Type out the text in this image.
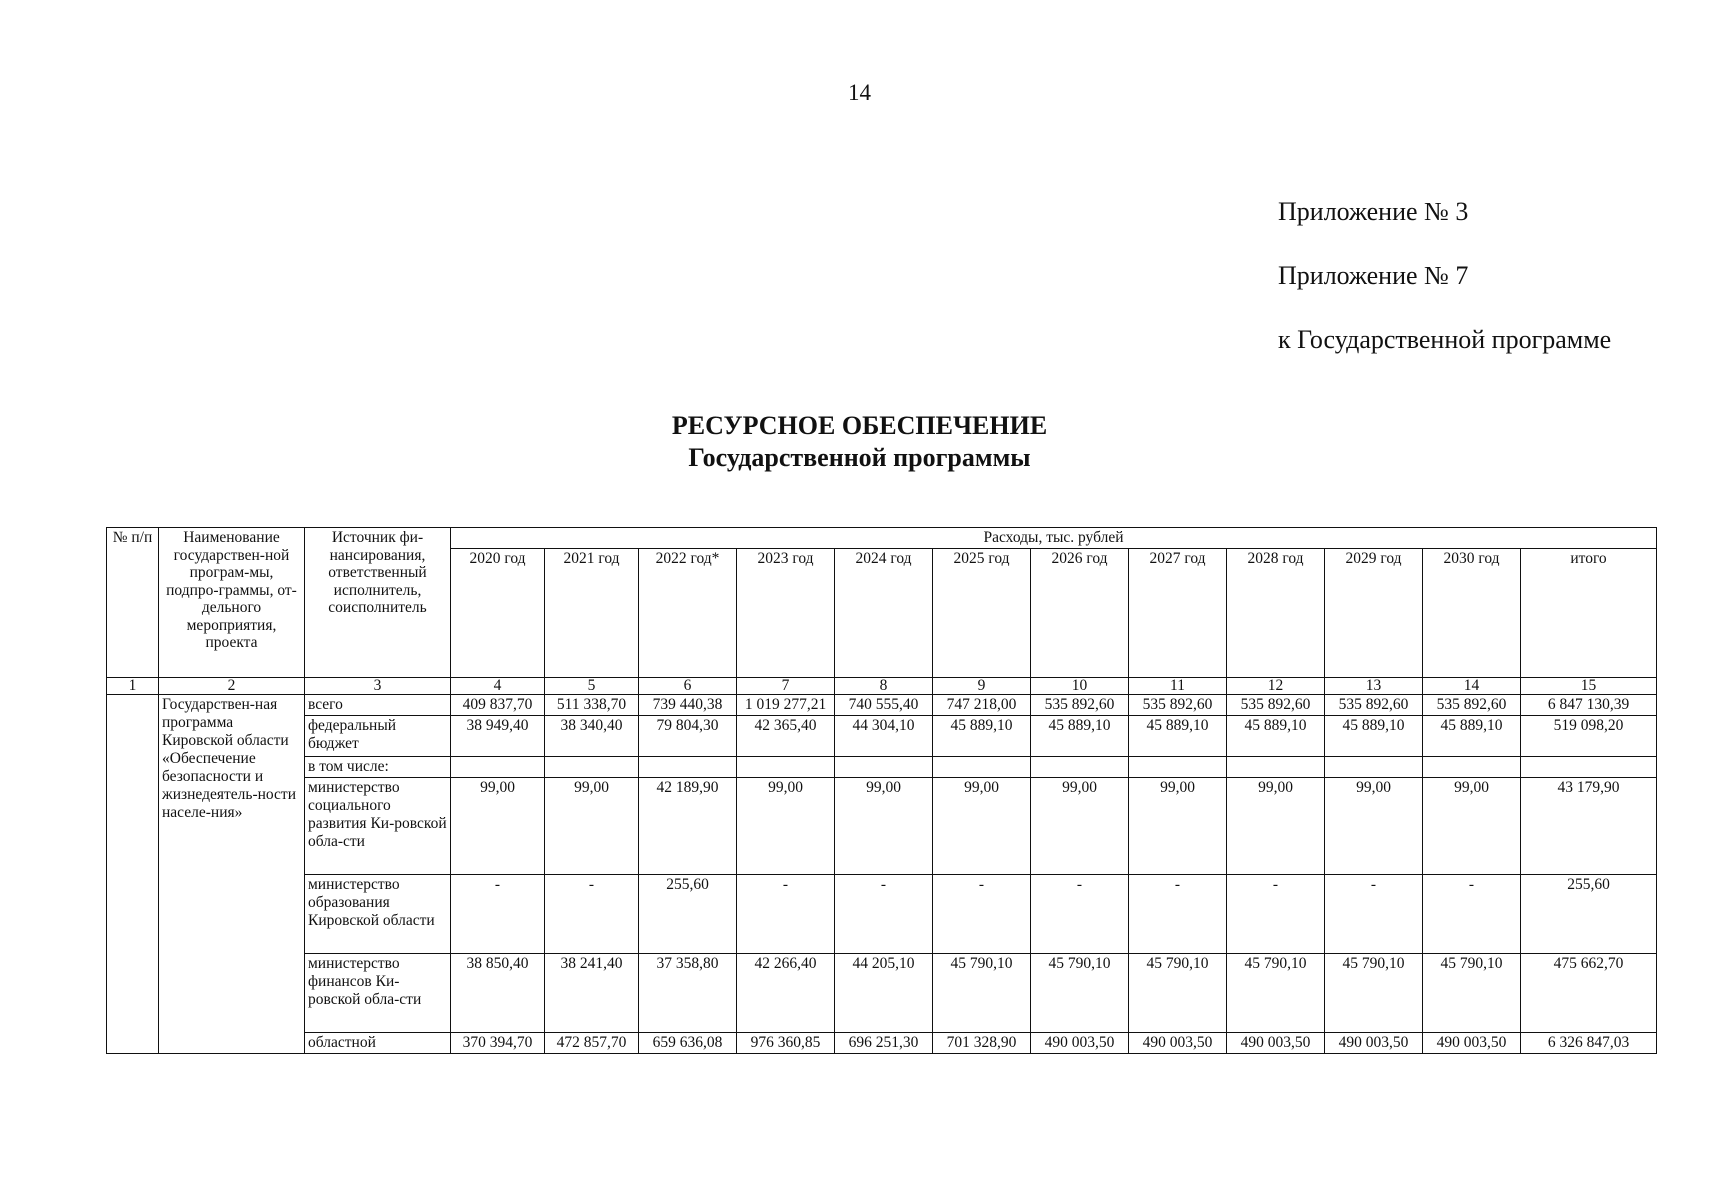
14
Приложение № 3
Приложение № 7
к Государственной программе
РЕСУРСНОЕ ОБЕСПЕЧЕНИЕ
Государственной программы
№ п/п	Наименование государствен-ной програм-мы, подпро-граммы, от-дельного мероприятия, проекта	Источник фи-нансирования, ответственный исполнитель, соисполнитель	Расходы, тыс. рублей											
			2020 год	2021 год	2022 год*	2023 год	2024 год	2025 год	2026 год	2027 год	2028 год	2029 год	2030 год	итого
1	2	3	4	5	6	7	8	9	10	11	12	13	14	15
	Государствен-ная программа Кировской области «Обеспечение безопасности и жизнедеятель-ности населе-ния»	всего	409 837,70	511 338,70	739 440,38	1 019 277,21	740 555,40	747 218,00	535 892,60	535 892,60	535 892,60	535 892,60	535 892,60	6 847 130,39
		федеральный бюджет	38 949,40	38 340,40	79 804,30	42 365,40	44 304,10	45 889,10	45 889,10	45 889,10	45 889,10	45 889,10	45 889,10	519 098,20
		в том числе:												
		министерство социального развития Ки-ровской обла-сти	99,00	99,00	42 189,90	99,00	99,00	99,00	99,00	99,00	99,00	99,00	99,00	43 179,90
		министерство образования Кировской области	-	-	255,60	-	-	-	-	-	-	-	-	255,60
		министерство финансов Ки-ровской обла-сти	38 850,40	38 241,40	37 358,80	42 266,40	44 205,10	45 790,10	45 790,10	45 790,10	45 790,10	45 790,10	45 790,10	475 662,70
		областной	370 394,70	472 857,70	659 636,08	976 360,85	696 251,30	701 328,90	490 003,50	490 003,50	490 003,50	490 003,50	490 003,50	6 326 847,03
